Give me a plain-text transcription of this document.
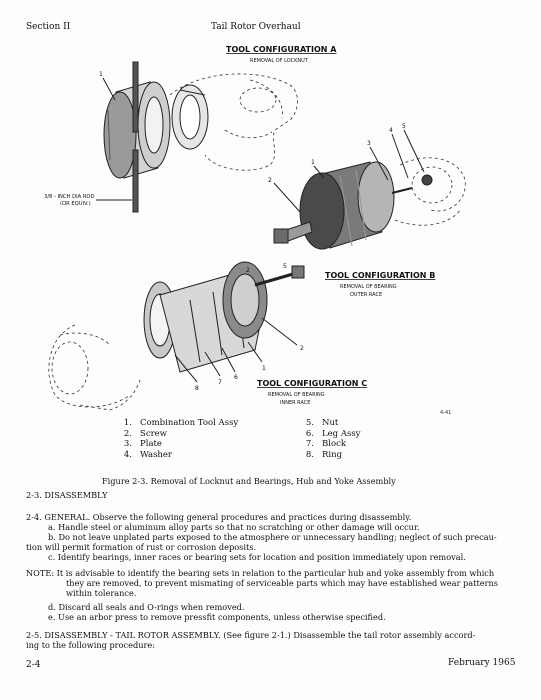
Section II	Tail Rotor Overhaul
TOOL CONFIGURATION A
REMOVAL OF LOCKNUT
TOOL CONFIGURATION B
REMOVAL OF BEARING
OUTER RACE
TOOL CONFIGURATION C
REMOVAL OF BEARING
INNER RACE
3/8 - INCH DIA ROD
(OR EQUIV.)
1
2
3
4
5
1
2
8
7
6
5
1
2
4-41
1. Combination Tool Assy
2. Screw
3. Plate
4. Washer
5. Nut
6. Leg Assy
7. Block
8. Ring
Figure 2-3. Removal of Locknut and Bearings, Hub and Yoke Assembly
2-3. DISASSEMBLY
2-4. GENERAL. Observe the following general procedures and practices during disassembly.
a. Handle steel or aluminum alloy parts so that no scratching or other damage will occur.
b. Do not leave unplated parts exposed to the atmosphere or unnecessary handling; neglect of such precau-
tion will permit formation of rust or corrosion deposits.
c. Identify bearings, inner races or bearing sets for location and position immediately upon removal.
NOTE: It is advisable to identify the bearing sets in relation to the particular hub and yoke assembly from which
they are removed, to prevent mismating of serviceable parts which may have established wear patterns
within tolerance.
d. Discard all seals and O-rings when removed.
e. Use an arbor press to remove pressfit components, unless otherwise specified.
2-5. DISASSEMBLY - TAIL ROTOR ASSEMBLY. (See figure 2-1.) Disassemble the tail rotor assembly accord-
ing to the following procedure:
2-4	February 1965
